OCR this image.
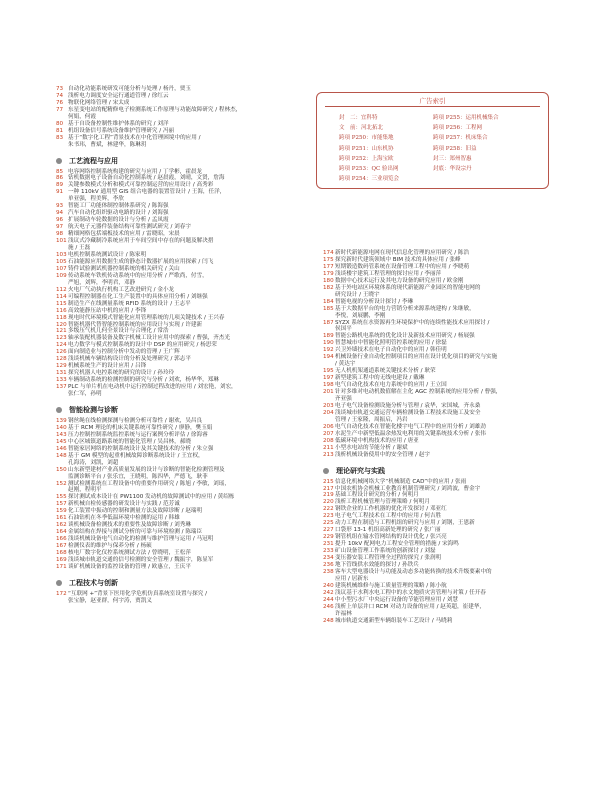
广告索引
封　二：宜科特	跨项 P255：运用机械集合
文　前：河北拓北	跨项 P256：工程网
跨项 P250：市能集地	跨项 P257：机床集合
跨项 P251：山东机协	跨项 P258：旧益
跨项 P252：上海宝欧	封三：郑州智惠
跨项 P253：QC 验出网	封底：华设宗丹
跨项 P254：三业项览会
73 自动化功能系统研发可能分析与处理 / 杨丹，贾玉
74 浅析电力调度安全运行通道管理 / 徐红云
76 物联化网络管理 / 宋太成
77 东星变电站的配精修电子检测系统工作原理与功能故障研究 / 程林杰，
何娟，何霞
80 基于自设备控制性维护体系的研究 / 刘洋
81 机组设备信号系统设备维护管理研究 / 冯丽
83 基于“数字化工程”背景技术在中化管理困境中的应用 /
朱书玮，曹斌，林建华，陈琳玥
工艺流程与应用
85 电容网络控制系统构建的研究与应用 / 丁学彬，霍晨龙
86 钻机数据电子设备自动化控制系统 / 赵晨霞，刘晴，文贤，詹海
89 关键参数模式分析和模式可靠控制运营的应用设计 / 高秀彩
91 一种 110kV 通用型 GIS 组合电器的装置管设计 / 王海，任洋，
单亚强，程美辉，李欣
93 智能工厂功能体制控制体系研究 / 陈海强
94 汽车自动化组织驱动电路的设计 / 刘海强
96 扩展制动车轮数据的设计与分析 / 孟凤霞
97 航天电子元器件装备结构可靠性测试研究 / 刘春宇
98 精细网格包括端板技术的应用 / 雷晓昭，宋晨
101 浅议式冷藏制冷系统应用于车间空间中存在的问题及解决措
施 / 王磊
103 电机控制系统测试设计 / 陈家明
105 石油能源应用数据生成的静态计数器扩展的应用探索 / 闫飞
107 铸件试验测试机器控制系统的相关研究 / 关山
109 传动系统车铁机传动系统中的应用分析 / 严歌尚，付雪，
严旭，刘辉，李明君，邓静
112 火电厂气动执行机构工艺改进研究 / 金小龙
114 可编程控制器在化工生产装置中的具体应用分析 / 刘继强
115 制造生产在线测量系统 RFID 系统的设计 / 王志平
116 高效能静压站中机的应用 / 李锋
118 现电时代环境模式智能化应用管理系统的几项关键技术 / 王兴春
120 智能机器代替智能控制系统的应用设计与实现 / 许建新
121 多级压气机几何全景设计与合理化 / 常浩
123 轴承装配机器装备及数字机械工设计应用中的探索 / 曹强，齐杰光
124 电力数学与模式控制系统的设计中 DSP 的应用研究 / 杨思荣
126 面向制造业与控制分析中发动的管理 / 王广辉
128 浅谈机械车辆结构设计的分析及处理研究 / 郭志平
129 机械系统生产的设计应用 / 吕锋
131 探究机器人电控系统的研究的设计 / 孙玲玲
133 车辆制动系统的检测控制的研究与分析 / 刘欢，杨华华，郑琳
137 PLC 与单片机在电动机中运行控制过程改进的应用 / 刘宏艳，刘宏，
张仁军，孙明
智能检测与诊断
139 钢丝绳在线检测探测与检测分析可靠性 / 谢欢，吴昌良
140 基于 RCM 理论的机床关键系统可靠性研究 / 廖静，樊玉娟
143 压力控制控制系统监控系统与运行案例分析评估 / 徐海睿
145 中心区城镇道路系统的智能化管理 / 吴昌林，郝晓
146 智能家居网络的控制系统设计及其关键技术的分析 / 朱立强
148 基于 GM 模型的起重机械故障诊断系统设计 / 王宜权，
孔海涛，刘凯，刘超
150 山东新型建材产业高质量发展的设计与诊断的智能化检测管理及
监测诊断平台 / 张乐宜，王晓明，陈四华，严德飞，耿菲
152 测试检测系统在工程设备中的重要作用研究 / 陈旭 / 李敏，刘瑶，
赵刚，程明平
155 探讨测试成本设计在 PW1100 发动机的故障测试中的应用 / 黄绍栋
157 新机械自检传感器的研发设计与实践 / 范芳诚
159 化工装置中振动的控制和测量方法及故障诊断 / 赵瑞明
161 石油钻机在冬季低温环境中检测的运用 / 韩雄
162 谈机械设备检测技术的重要性及故障诊断 / 刘秀琳
164 金属结构在焊接与测试分析的可靠与环境检测 / 陈瑞臣
166 浅谈机械设备电气自动化的检测与维护管理与运用 / 马冠明
167 检测仪表的维护与保养分析 / 杨硕
168 核电厂数字化仪控系统测试方法 / 曾晓明，王松萍
169 浅谈城市轨道交通的信号检测的安全管理 / 魏振宇，陈显军
171 谈矿机械设备的监控设备的管理 / 欧惠立，王庆平
工程技术与创新
172 “互联网 +”背景下医用化学危机仿真系统室设置与探究 /
张宝静，赵亚群，何宇涛，贾凯义
174 新时代新能源电网在现代信息化管理的应用研究 / 陈浩
175 探究新时代建筑领域中 BIM 技术的具体应用 / 张峰
177 短期锻造数码管系统在设备管理工程中的应用 / 李晓萌
179 浅谈楼宇建筑工程管理的探讨应用 / 李丽萍
180 数据中心技术运行及其电力设备的研究应用 / 欧金刚
182 基于外电站区环境体系的现代新能源产业园区的智能电网的
研究设计 / 王晓宇
184 智能电视的分析设计探讨 / 李琳
185 基于大数据平台的电力营销分析来源系统建构 / 朱继敏，
李悦，刘展鹏，李刚
187 SYZX 系统在水资源再生环境保护中的连续性能技术应用探讨 /
侯国平
189 智能公路机电系统的优化设计及新技术应用研究 / 杨展强
190 智慧城市中智能化照明管控系统的应用 / 徐磊
192 兴卫外墙技术在电子自动化中的应用 / 韩佳明
194 机械设备行业自动化控制项目的应用在设计优化项目的研究与实施
/ 黄达宇
195 无人机机架通道系统关键技术分析 / 耿荣
197 新型建筑工程中的无线电建设 / 戴琳
198 电气自动化技术在电力系统中的应用 / 王立国
201 针对多维对电动机数值解在主化 AGC 控制系统的应用分析 / 曹强，
齐亚强
203 电子电气设备检测设施分析与管理 / 袁华，宋国城，齐永桑
204 浅谈城市轨道交通运营车辆检测设备工程技术设施工及安全
管理 / 王家隆，周振启，冯岩
206 电气自动化技术在智能化楼宇电气工程中的应用分析 / 刘雄劲
207 水泥生产中新型低温余热发电利用的关键系统技术分析 / 张伟
208 低碳环境中机构技术的应用 / 唐亚
211 小型水电站的节能分析 / 谢斌
213 浅析机械设备使用中的安全管理 / 赵宇
理论研究与实践
215 信息化机械网络大学“机械制造 CAD”中的应用 / 张雨
217 中国农机协会机械工业教育机制管理研究 / 刘鸿波，曹金宇
219 基础工程设计研究的分析 / 何明月
220 浅析工程机械管理与管理策略 / 何明月
222 钢铁企业的工作机器的优化开发探讨 / 邓亚红
223 电子电气工程技术在工程中的应用 / 何吉胜
225 动力工程在制造与工程机组的研究与应用 / 刘钢，王恩新
227 口袋形 13-1 机组高新处理的研究 / 张广丽
229 钢管机组在输水管网结构的设计优化 / 张兴亮
231 提升 10kV 配网电力工程安全管理的措施 / 宋海鸣
233 矿山设备管理工作系统的创新探讨 / 刘磊
234 变压器安装工程管理全过程的探究 / 张润明
236 地下管线供水效能的探讨 / 孙铁兵
238 客车大型电器设计与功能及动态多功能转换的技术升级要素中的
应用 / 居新东
240 建筑机械维修与施工质量管理的策略 / 陈小航
242 浅议基于水利水电工程中的水文地质灾害管理与对策 / 任开春
244 中小型污水厂中央运行设备的节能管理应用 / 刘慧
246 浅析上单层井口 RCM 对动力设备的应用 / 赵英超，崔建华，
许福林
248 城市轨道交通新型车辆组装车工艺设计 / 马晓莉
